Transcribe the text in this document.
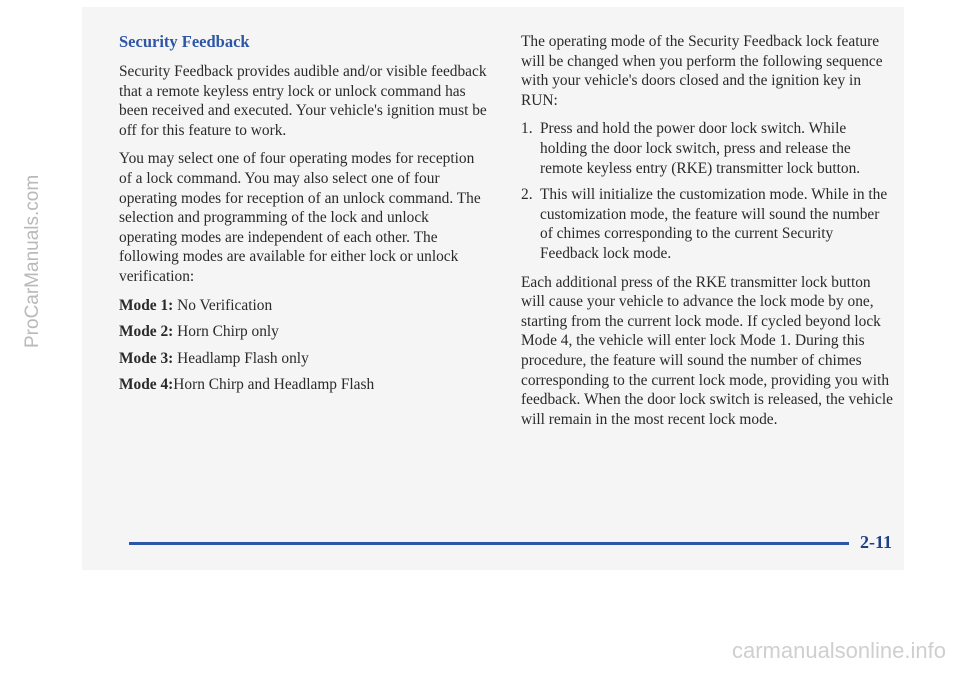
Security Feedback

Security Feedback provides audible and/or visible feedback that a remote keyless entry lock or unlock command has been received and executed. Your vehicle's ignition must be off for this feature to work.

You may select one of four operating modes for reception of a lock command. You may also select one of four operating modes for reception of an unlock command. The selection and programming of the lock and unlock operating modes are independent of each other. The following modes are available for either lock or unlock verification:

Mode 1: No Verification
Mode 2: Horn Chirp only
Mode 3: Headlamp Flash only
Mode 4:Horn Chirp and Headlamp Flash

The operating mode of the Security Feedback lock feature will be changed when you perform the following sequence with your vehicle's doors closed and the ignition key in RUN:

1. Press and hold the power door lock switch. While holding the door lock switch, press and release the remote keyless entry (RKE) transmitter lock button.
2. This will initialize the customization mode. While in the customization mode, the feature will sound the number of chimes corresponding to the current Security Feedback lock mode.

Each additional press of the RKE transmitter lock button will cause your vehicle to advance the lock mode by one, starting from the current lock mode. If cycled beyond lock Mode 4, the vehicle will enter lock Mode 1. During this procedure, the feature will sound the number of chimes corresponding to the current lock mode, providing you with feedback. When the door lock switch is released, the vehicle will remain in the most recent lock mode.

2-11
ProCarManuals.com
carmanualsonline.info
